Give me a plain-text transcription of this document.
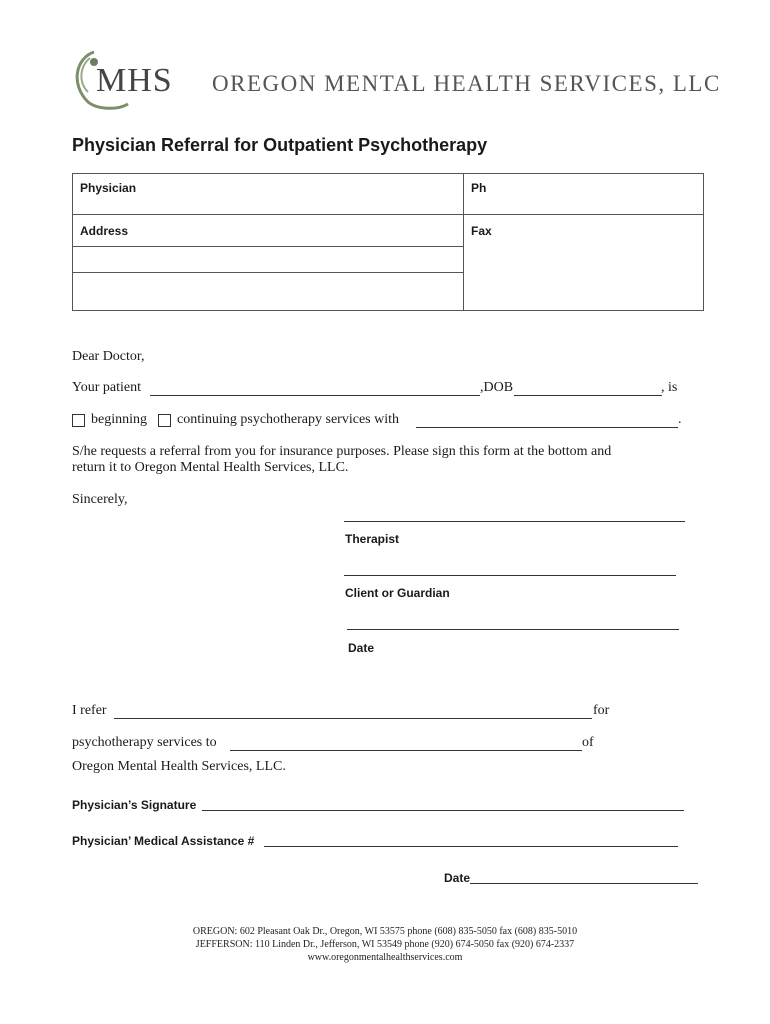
MHS OREGON MENTAL HEALTH SERVICES, LLC
Physician Referral for Outpatient Psychotherapy
Physician	Ph
Address	Fax
Dear Doctor,
Your patient	,DOB	, is
beginning continuing psychotherapy services with	.
S/he requests a referral from you for insurance purposes. Please sign this form at the bottom and
return it to Oregon Mental Health Services, LLC.
Sincerely,
Therapist
Client or Guardian
Date
I refer	for
psychotherapy services to	of
Oregon Mental Health Services, LLC.
Physician’s Signature
Physician’ Medical Assistance #
Date
OREGON: 602 Pleasant Oak Dr., Oregon, WI 53575 phone (608) 835-5050 fax (608) 835-5010
JEFFERSON: 110 Linden Dr., Jefferson, WI 53549 phone (920) 674-5050 fax (920) 674-2337
www.oregonmentalhealthservices.com
